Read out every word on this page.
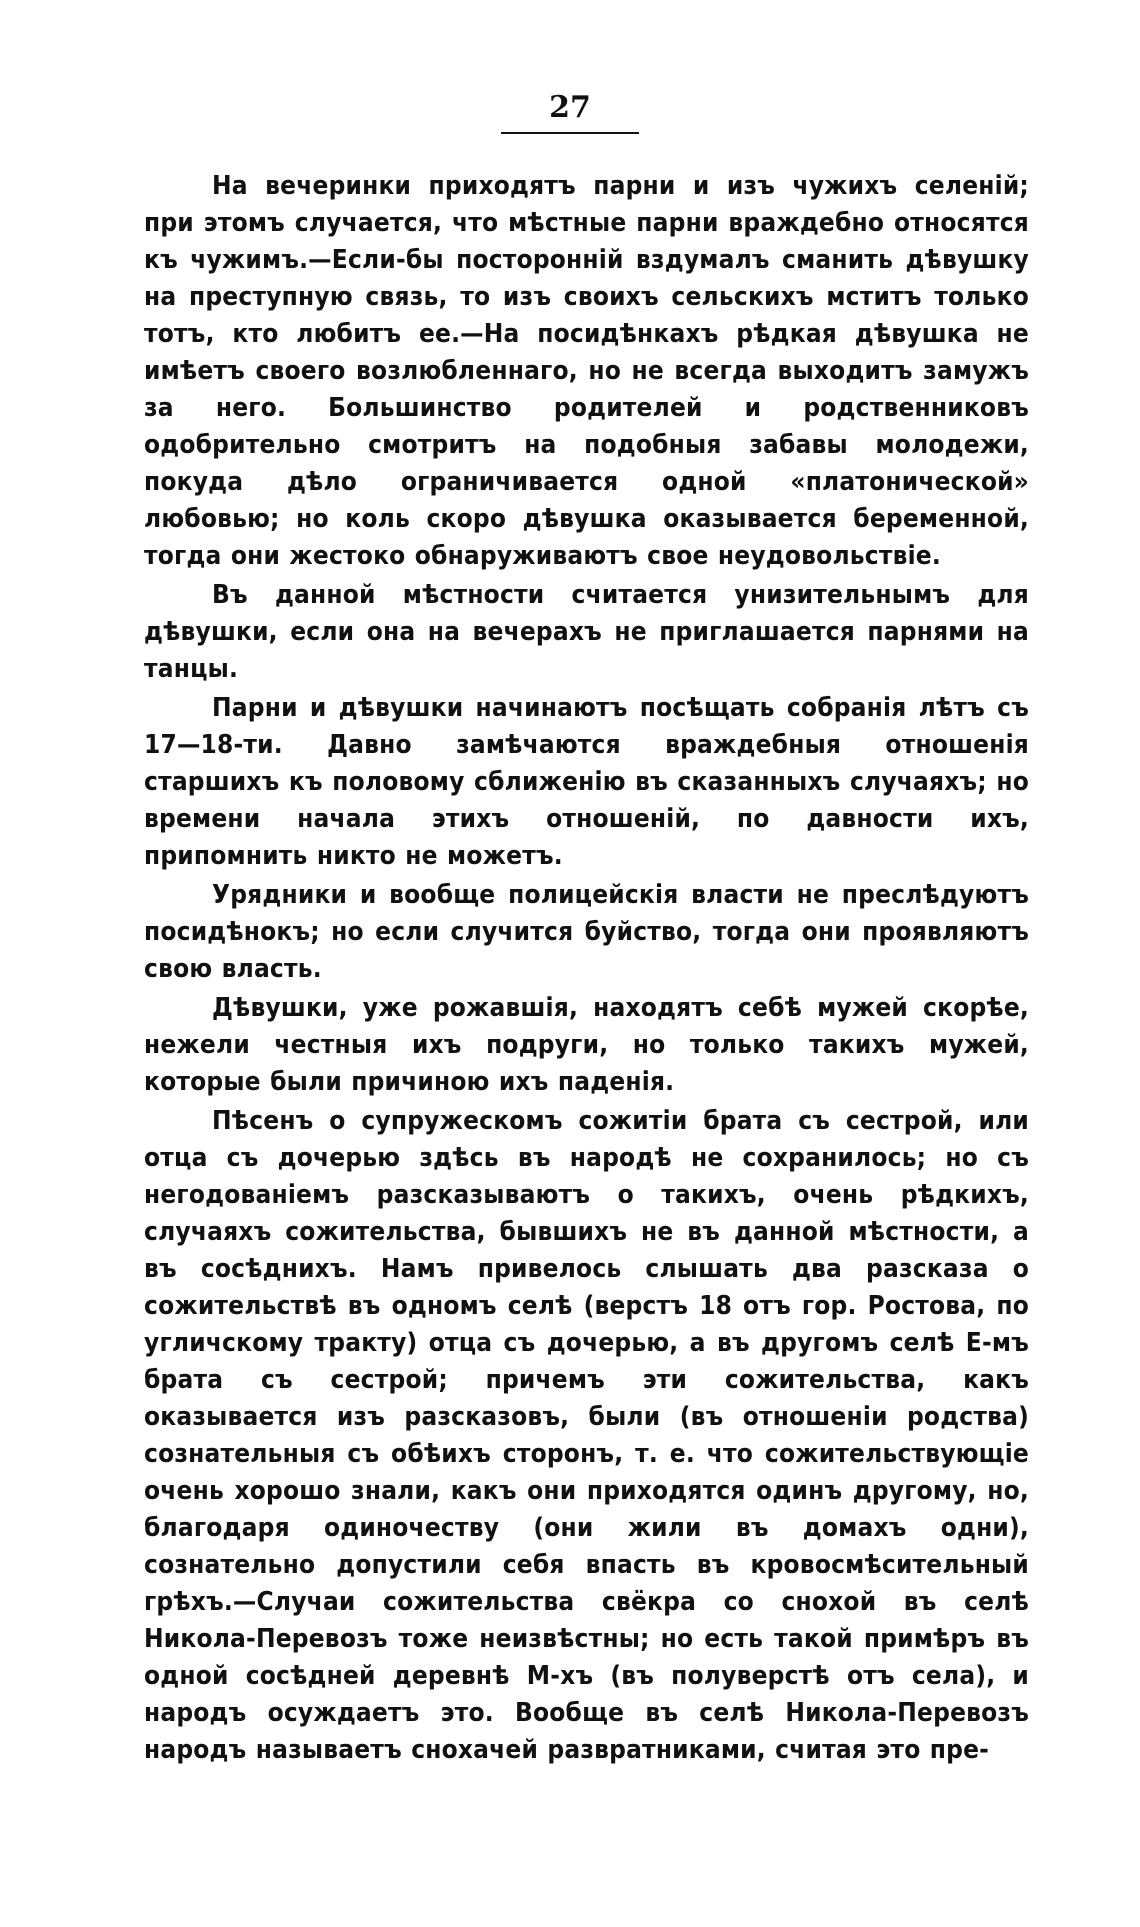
27

На вечеринки приходятъ парни и изъ чужихъ селеній; при этомъ случается, что мѣстные парни враждебно относятся къ чужимъ.—Если-бы посторонній вздумалъ сманить дѣвушку на преступную связь, то изъ своихъ сельскихъ мститъ только тотъ, кто любитъ ее.—На посидѣнкахъ рѣдкая дѣвушка не имѣетъ своего возлюбленнаго, но не всегда выходитъ замужъ за него. Большинство родителей и родственниковъ одобрительно смотритъ на подобныя забавы молодежи, покуда дѣло ограничивается одной «платонической» любовью; но коль скоро дѣвушка оказывается беременной, тогда они жестоко обнаруживаютъ свое неудовольствіе.

Въ данной мѣстности считается унизительнымъ для дѣвушки, если она на вечерахъ не приглашается парнями на танцы.

Парни и дѣвушки начинаютъ посѣщать собранія лѣтъ съ 17—18-ти. Давно замѣчаются враждебныя отношенія старшихъ къ половому сближенію въ сказанныхъ случаяхъ; но времени начала этихъ отношеній, по давности ихъ, припомнить никто не можетъ.

Урядники и вообще полицейскія власти не преслѣдуютъ посидѣнокъ; но если случится буйство, тогда они проявляютъ свою власть.

Дѣвушки, уже рожавшія, находятъ себѣ мужей скорѣе, нежели честныя ихъ подруги, но только такихъ мужей, которые были причиною ихъ паденія.

Пѣсенъ о супружескомъ сожитіи брата съ сестрой, или отца съ дочерью здѣсь въ народѣ не сохранилось; но съ негодованіемъ разсказываютъ о такихъ, очень рѣдкихъ, случаяхъ сожительства, бывшихъ не въ данной мѣстности, а въ сосѣднихъ. Намъ привелось слышать два разсказа о сожительствѣ въ одномъ селѣ (верстъ 18 отъ гор. Ростова, по угличскому тракту) отца съ дочерью, а въ другомъ селѣ Е-мъ брата съ сестрой; причемъ эти сожительства, какъ оказывается изъ разсказовъ, были (въ отношеніи родства) сознательныя съ обѣихъ сторонъ, т. е. что сожительствующіе очень хорошо знали, какъ они приходятся одинъ другому, но, благодаря одиночеству (они жили въ домахъ одни), сознательно допустили себя впасть въ кровосмѣсительный грѣхъ.—Случаи сожительства свёкра со снохой въ селѣ Никола-Перевозъ тоже неизвѣстны; но есть такой примѣръ въ одной сосѣдней деревнѣ М-хъ (въ полуверстѣ отъ села), и народъ осуждаетъ это. Вообще въ селѣ Никола-Перевозъ народъ называетъ снохачей развратниками, считая это пре-
